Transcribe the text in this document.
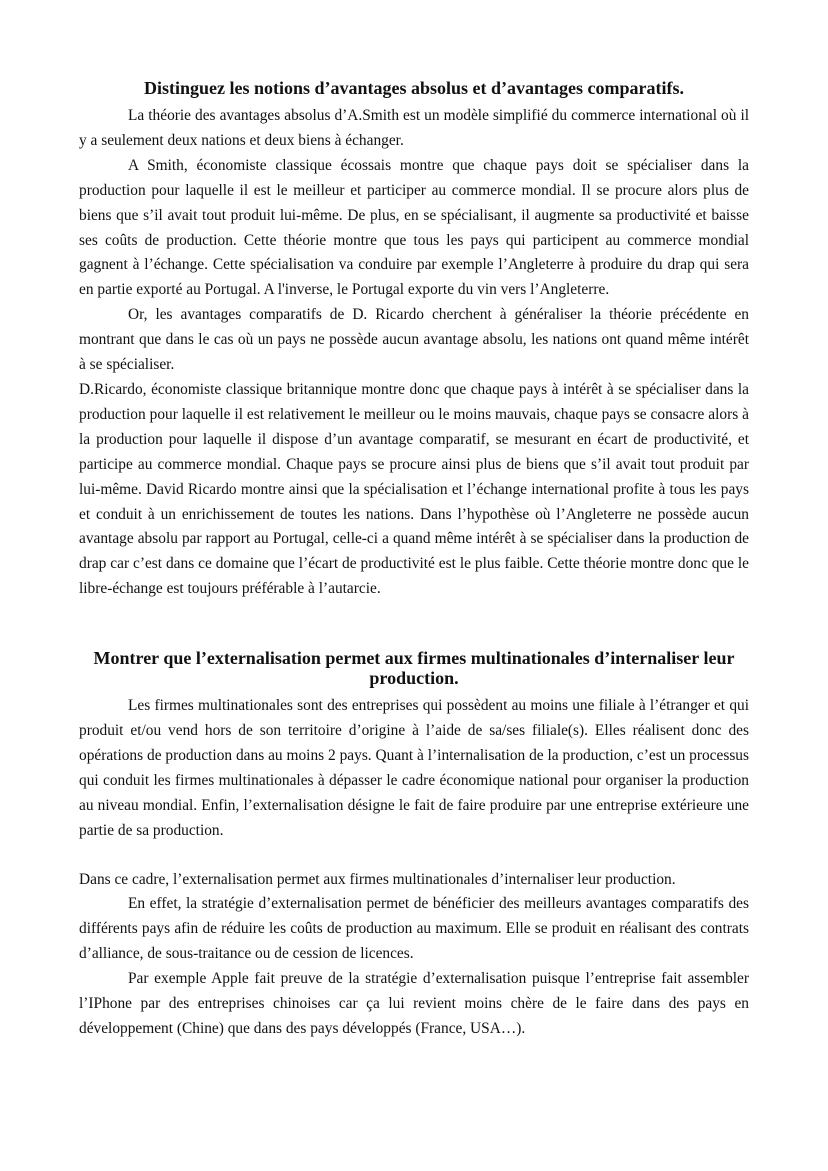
Distinguez les notions d’avantages absolus et d’avantages comparatifs.

La théorie des avantages absolus d’A.Smith est un modèle simplifié du commerce international où il y a seulement deux nations et deux biens à échanger.

A Smith, économiste classique écossais montre que chaque pays doit se spécialiser dans la production pour laquelle il est le meilleur et participer au commerce mondial. Il se procure alors plus de biens que s’il avait tout produit lui-même. De plus, en se spécialisant, il augmente sa productivité et baisse ses coûts de production. Cette théorie montre que tous les pays qui participent au commerce mondial gagnent à l’échange. Cette spécialisation va conduire par exemple l’Angleterre à produire du drap qui sera en partie exporté au Portugal. A l'inverse, le Portugal exporte du vin vers l’Angleterre.

Or, les avantages comparatifs de D. Ricardo cherchent à généraliser la théorie précédente en montrant que dans le cas où un pays ne possède aucun avantage absolu, les nations ont quand même intérêt à se spécialiser.

D.Ricardo, économiste classique britannique montre donc que chaque pays à intérêt à se spécialiser dans la production pour laquelle il est relativement le meilleur ou le moins mauvais, chaque pays se consacre alors à la production pour laquelle il dispose d’un avantage comparatif, se mesurant en écart de productivité, et participe au commerce mondial. Chaque pays se procure ainsi plus de biens que s’il avait tout produit par lui-même. David Ricardo montre ainsi que la spécialisation et l’échange international profite à tous les pays et conduit à un enrichissement de toutes les nations. Dans l’hypothèse où l’Angleterre ne possède aucun avantage absolu par rapport au Portugal, celle-ci a quand même intérêt à se spécialiser dans la production de drap car c’est dans ce domaine que l’écart de productivité est le plus faible. Cette théorie montre donc que le libre-échange est toujours préférable à l’autarcie.

Montrer que l’externalisation permet aux firmes multinationales d’internaliser leur production.

Les firmes multinationales sont des entreprises qui possèdent au moins une filiale à l’étranger et qui produit et/ou vend hors de son territoire d’origine à l’aide de sa/ses filiale(s). Elles réalisent donc des opérations de production dans au moins 2 pays. Quant à l’internalisation de la production, c’est un processus qui conduit les firmes multinationales à dépasser le cadre économique national pour organiser la production au niveau mondial. Enfin, l’externalisation désigne le fait de faire produire par une entreprise extérieure une partie de sa production.

Dans ce cadre, l’externalisation permet aux firmes multinationales d’internaliser leur production.

En effet, la stratégie d’externalisation permet de bénéficier des meilleurs avantages comparatifs des différents pays afin de réduire les coûts de production au maximum. Elle se produit en réalisant des contrats d’alliance, de sous-traitance ou de cession de licences.

Par exemple Apple fait preuve de la stratégie d’externalisation puisque l’entreprise fait assembler l’IPhone par des entreprises chinoises car ça lui revient moins chère de le faire dans des pays en développement (Chine) que dans des pays développés (France, USA…).
